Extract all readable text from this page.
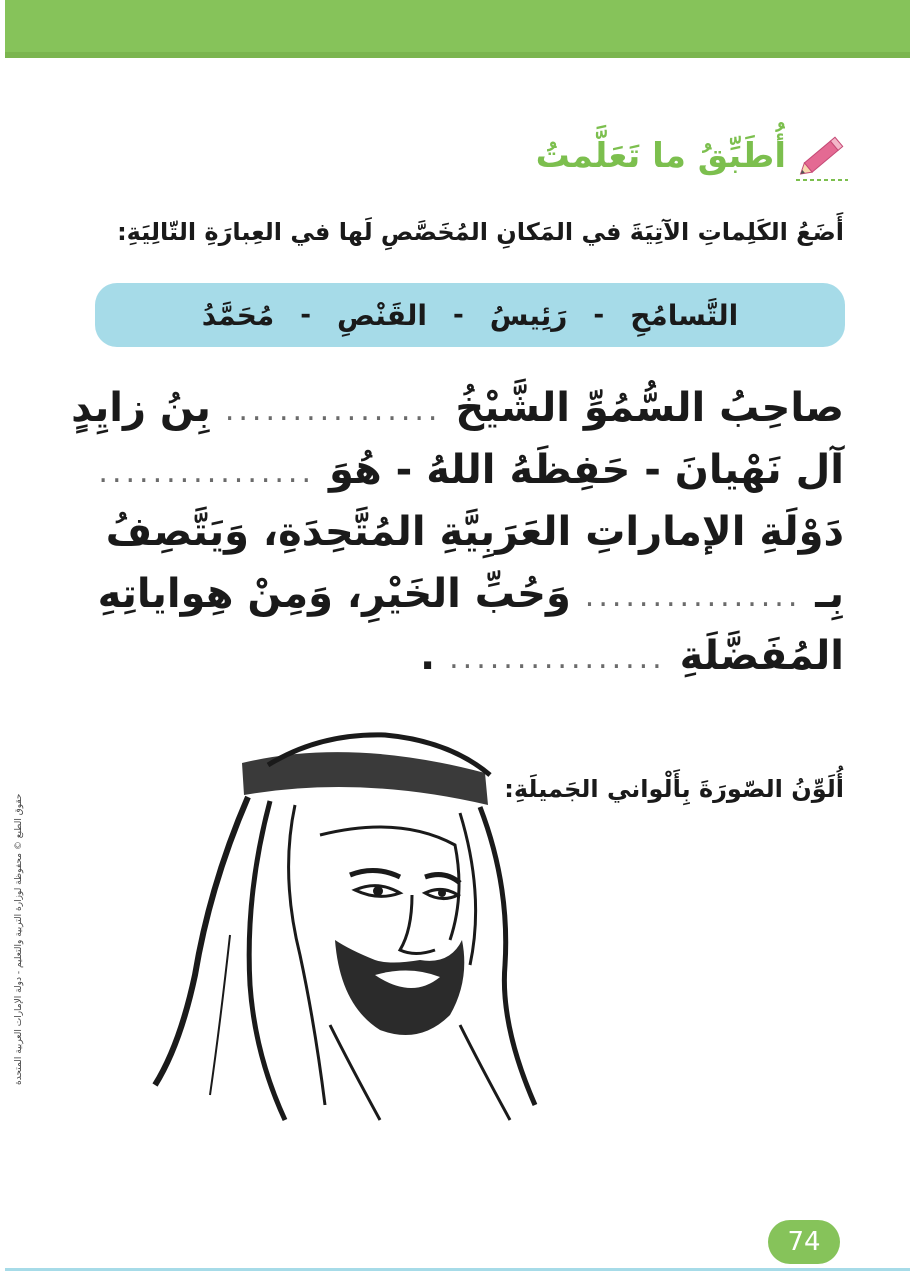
أُطَبِّقُ ما تَعَلَّمتُ
أَضَعُ الكَلِماتِ الآتِيَةَ في المَكانِ المُخَصَّصِ لَها في العِبارَةِ التّالِيَةِ:
التَّسامُحِ
-
رَئِيسُ
-
القَنْصِ
-
مُحَمَّدُ
صاحِبُ السُّمُوِّ الشَّيْخُ ................ بِنُ زايِدٍ
آل نَهْيانَ - حَفِظَهُ اللهُ - هُوَ ................
دَوْلَةِ الإماراتِ العَرَبِيَّةِ المُتَّحِدَةِ، وَيَتَّصِفُ
بِـ ................ وَحُبِّ الخَيْرِ، وَمِنْ هِواياتِهِ
المُفَضَّلَةِ ................ .
أُلَوِّنُ الصّورَةَ بِأَلْواني الجَميلَةِ:
حقوق الطبع © محفوظة لوزارة التربية والتعليم - دولة الإمارات العربية المتحدة
74
